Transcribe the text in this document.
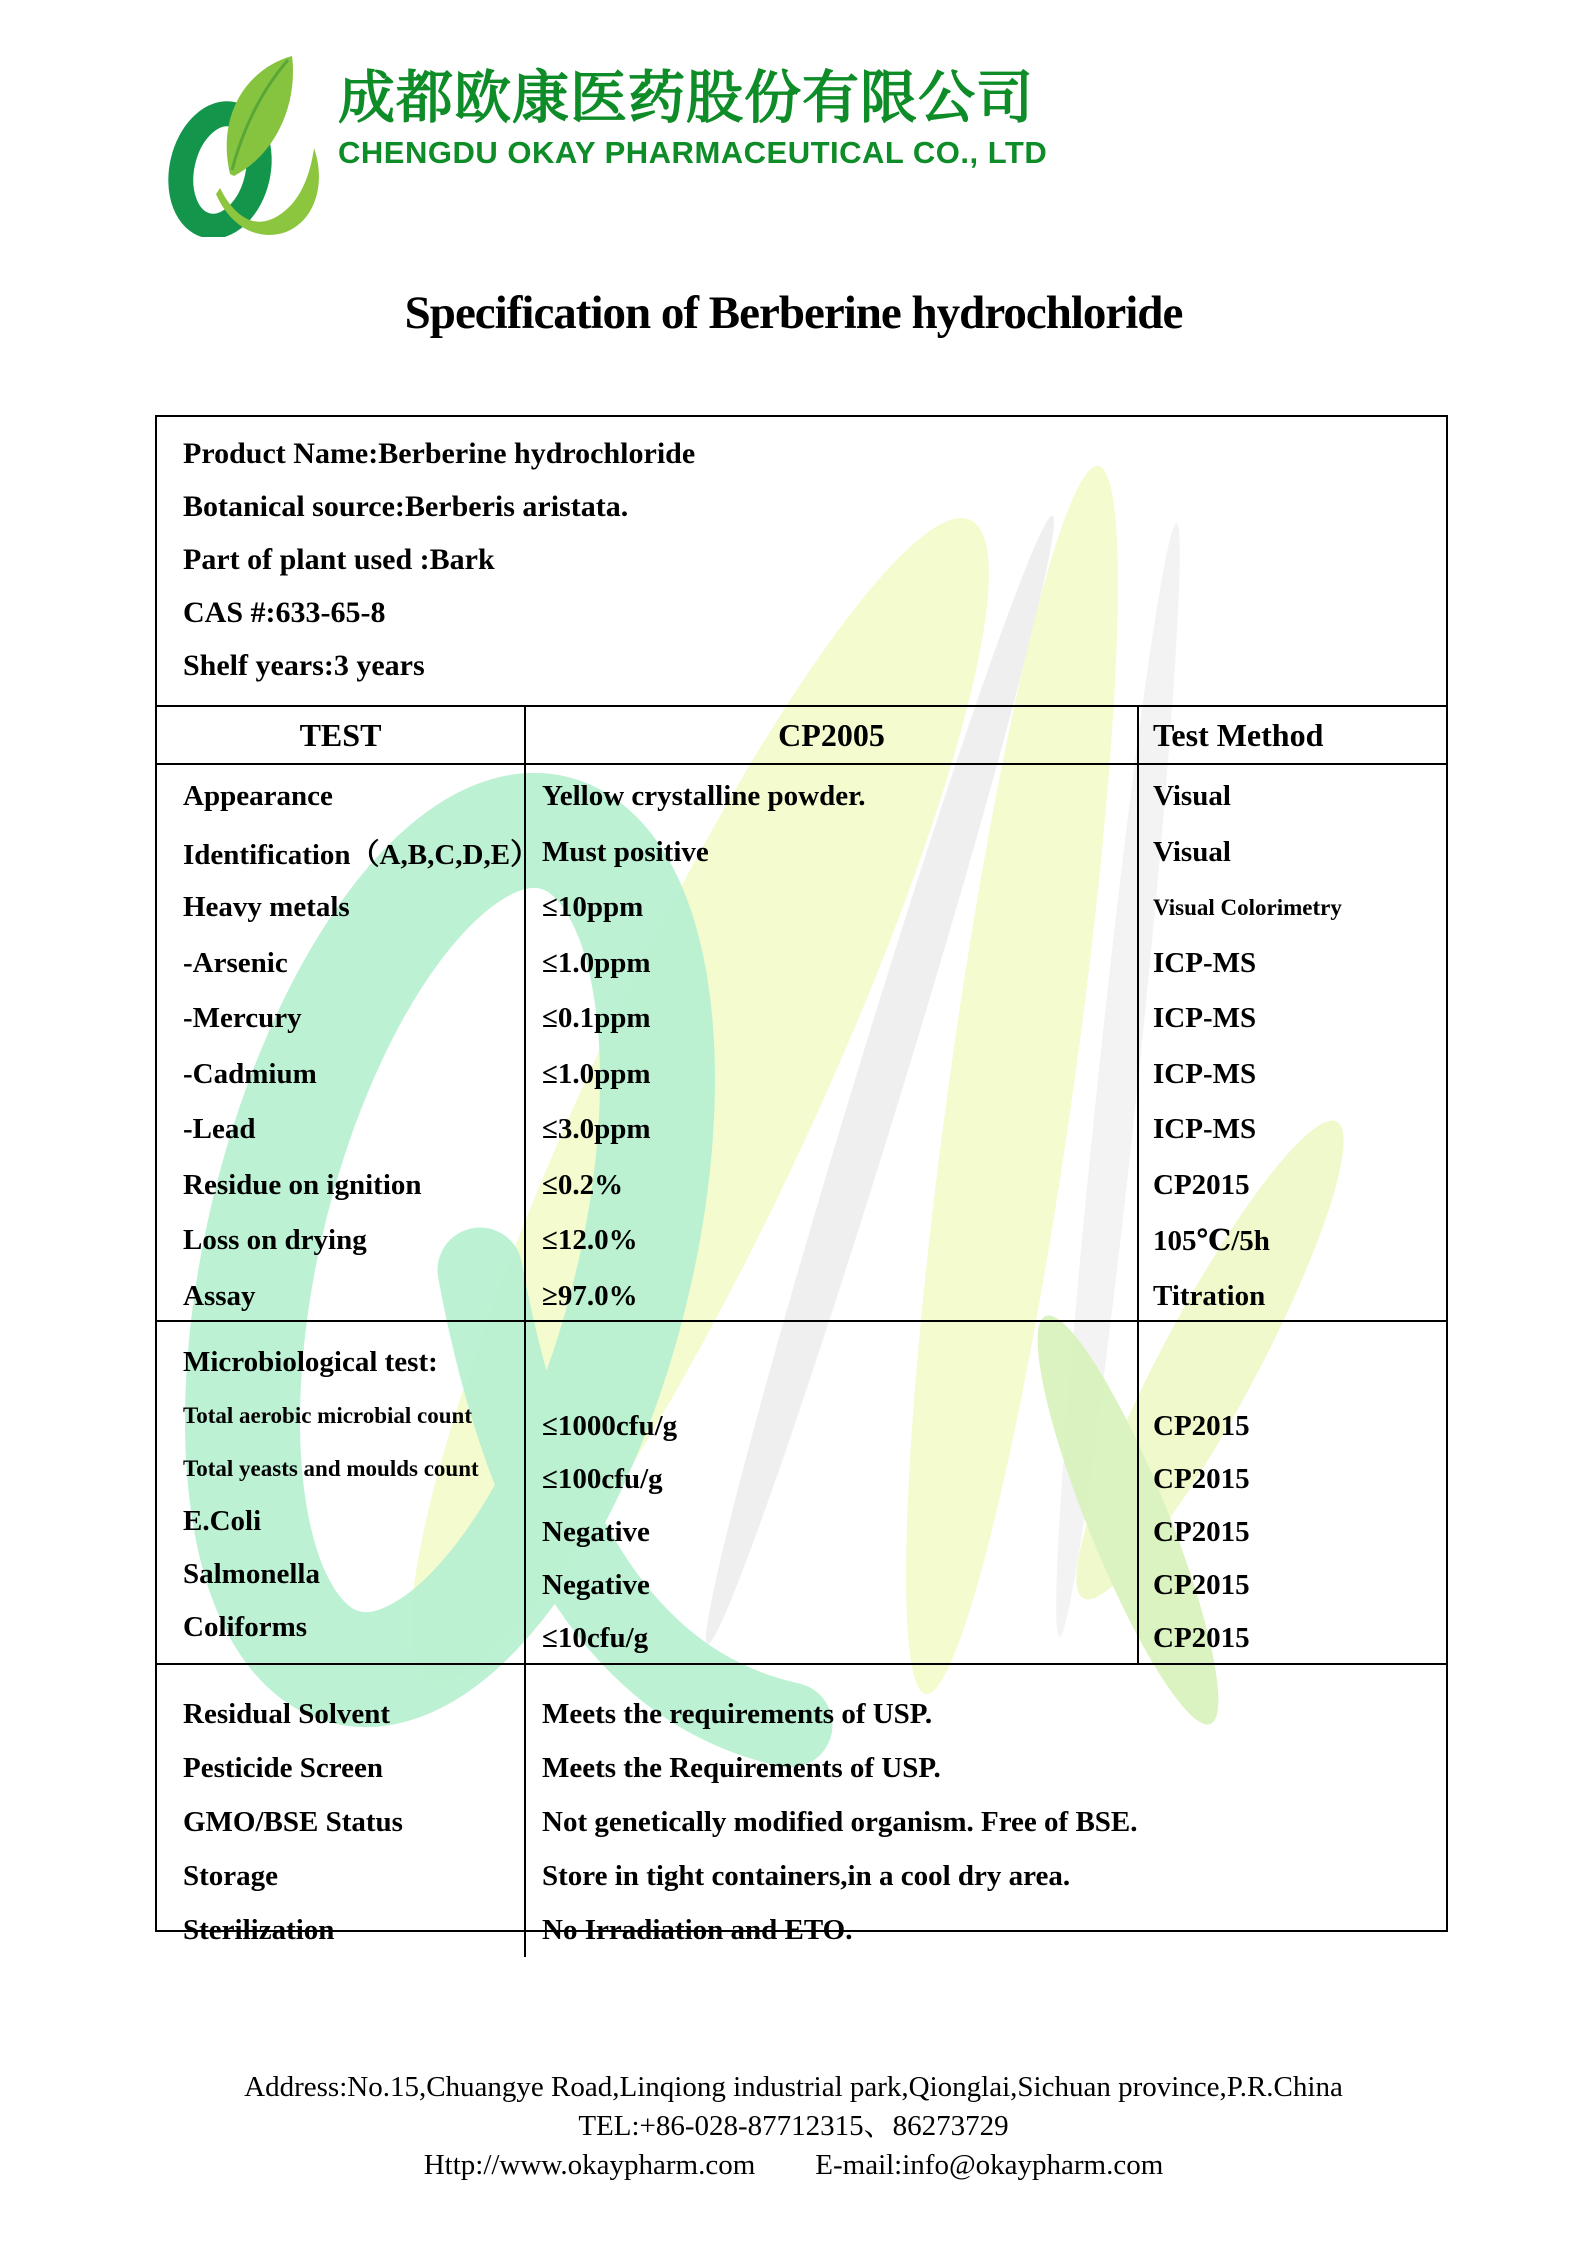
成都欧康医药股份有限公司
CHENGDU OKAY PHARMACEUTICAL CO., LTD
Specification of Berberine hydrochloride
Product Name: Berberine hydrochloride
Botanical source: Berberis aristata.
Part of plant used : Bark
CAS #: 633-65-8
Shelf years: 3 years
TEST	CP2005	Test Method
Appearance
Identification（A,B,C,D,E）
Heavy metals
-Arsenic
-Mercury
-Cadmium
-Lead
Residue on ignition
Loss on drying
Assay
Yellow crystalline powder.
Must positive
≤10ppm
≤1.0ppm
≤0.1ppm
≤1.0ppm
≤3.0ppm
≤0.2%
≤12.0%
≥97.0%
Visual
Visual
Visual Colorimetry
ICP-MS
ICP-MS
ICP-MS
ICP-MS
CP2015
105℃/5h
Titration
Microbiological test:
Total aerobic microbial count
Total yeasts and moulds count
E.Coli
Salmonella
Coliforms
≤1000cfu/g
≤100cfu/g
Negative
Negative
≤10cfu/g
CP2015
CP2015
CP2015
CP2015
CP2015
Residual Solvent
Pesticide Screen
GMO/BSE Status
Storage
Sterilization
Meets the requirements of USP.
Meets the Requirements of USP.
Not genetically modified organism. Free of BSE.
Store in tight containers,in a cool dry area.
No Irradiation and ETO.
Address:No.15,Chuangye Road,Linqiong industrial park,Qionglai,Sichuan province,P.R.China
TEL:+86-028-87712315、86273729
Http://www.okaypharm.com E-mail:info@okaypharm.com
